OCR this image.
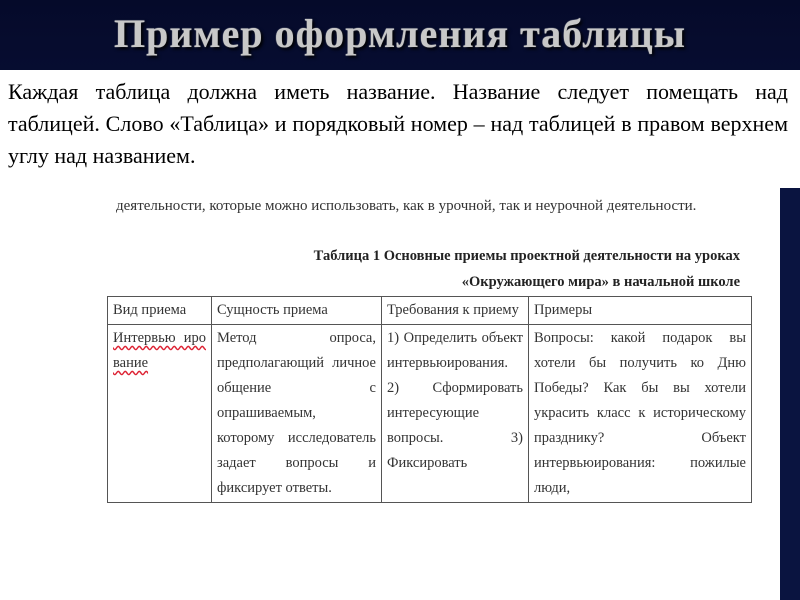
Пример оформления таблицы

Каждая таблица должна иметь название. Название следует помещать над таблицей. Слово «Таблица» и порядковый номер – над таблицей в правом верхнем углу над названием.

деятельности, которые можно использовать, как в урочной, так и неурочной деятельности.
Таблица 1 Основные приемы проектной деятельности на уроках
«Окружающего мира» в начальной школе
Вид приема	Сущность приема	Требования к приему	Примеры
Интервью ирование	Метод опроса, предполагающий личное общение с опрашиваемым, которому исследователь задает вопросы и фиксирует ответы.	1) Определить объект интервьюирования. 2) Сформировать интересующие вопросы. 3) Фиксировать	Вопросы: какой подарок вы хотели бы получить ко Дню Победы? Как бы вы хотели украсить класс к историческому празднику? Объект интервьюирования: пожилые люди,
